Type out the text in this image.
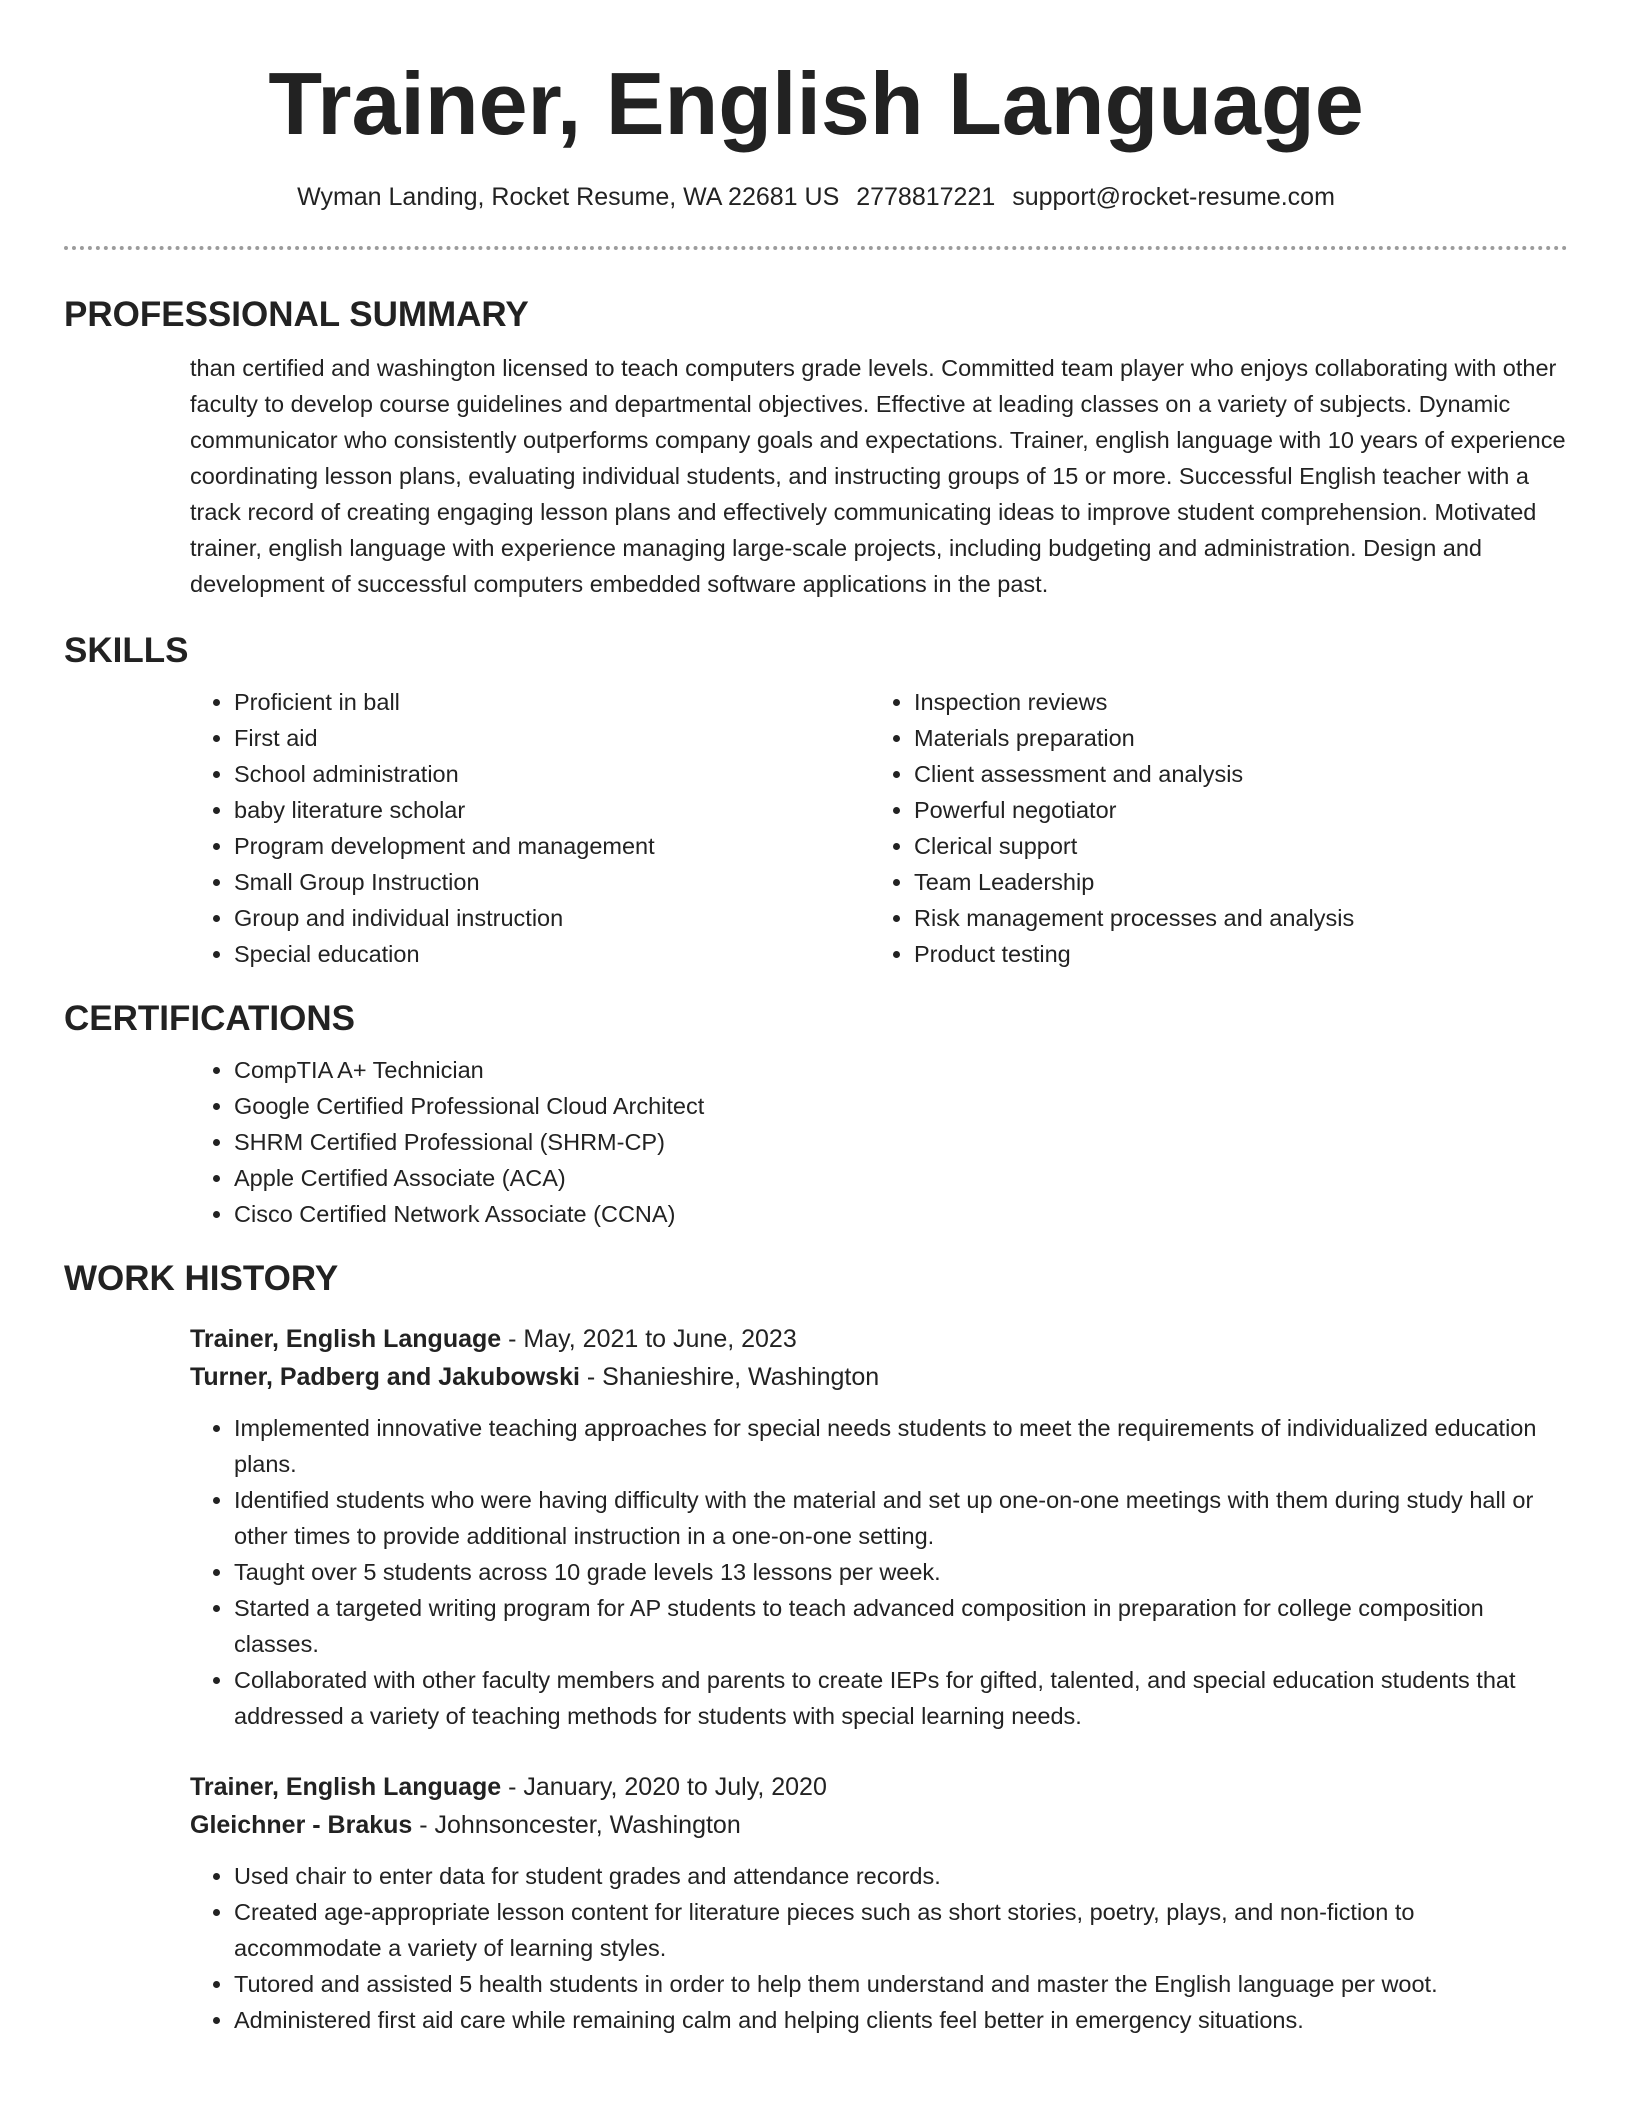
Trainer, English Language
Wyman Landing, Rocket Resume, WA 22681 US 2778817221 support@rocket-resume.com
PROFESSIONAL SUMMARY
than certified and washington licensed to teach computers grade levels. Committed team player who enjoys collaborating with other faculty to develop course guidelines and departmental objectives. Effective at leading classes on a variety of subjects. Dynamic communicator who consistently outperforms company goals and expectations. Trainer, english language with 10 years of experience coordinating lesson plans, evaluating individual students, and instructing groups of 15 or more. Successful English teacher with a track record of creating engaging lesson plans and effectively communicating ideas to improve student comprehension. Motivated trainer, english language with experience managing large-scale projects, including budgeting and administration. Design and development of successful computers embedded software applications in the past.
SKILLS
• Proficient in ball
• First aid
• School administration
• baby literature scholar
• Program development and management
• Small Group Instruction
• Group and individual instruction
• Special education
• Inspection reviews
• Materials preparation
• Client assessment and analysis
• Powerful negotiator
• Clerical support
• Team Leadership
• Risk management processes and analysis
• Product testing
CERTIFICATIONS
• CompTIA A+ Technician
• Google Certified Professional Cloud Architect
• SHRM Certified Professional (SHRM-CP)
• Apple Certified Associate (ACA)
• Cisco Certified Network Associate (CCNA)
WORK HISTORY
Trainer, English Language - May, 2021 to June, 2023
Turner, Padberg and Jakubowski - Shanieshire, Washington
• Implemented innovative teaching approaches for special needs students to meet the requirements of individualized education plans.
• Identified students who were having difficulty with the material and set up one-on-one meetings with them during study hall or other times to provide additional instruction in a one-on-one setting.
• Taught over 5 students across 10 grade levels 13 lessons per week.
• Started a targeted writing program for AP students to teach advanced composition in preparation for college composition classes.
• Collaborated with other faculty members and parents to create IEPs for gifted, talented, and special education students that addressed a variety of teaching methods for students with special learning needs.
Trainer, English Language - January, 2020 to July, 2020
Gleichner - Brakus - Johnsoncester, Washington
• Used chair to enter data for student grades and attendance records.
• Created age-appropriate lesson content for literature pieces such as short stories, poetry, plays, and non-fiction to accommodate a variety of learning styles.
• Tutored and assisted 5 health students in order to help them understand and master the English language per woot.
• Administered first aid care while remaining calm and helping clients feel better in emergency situations.
